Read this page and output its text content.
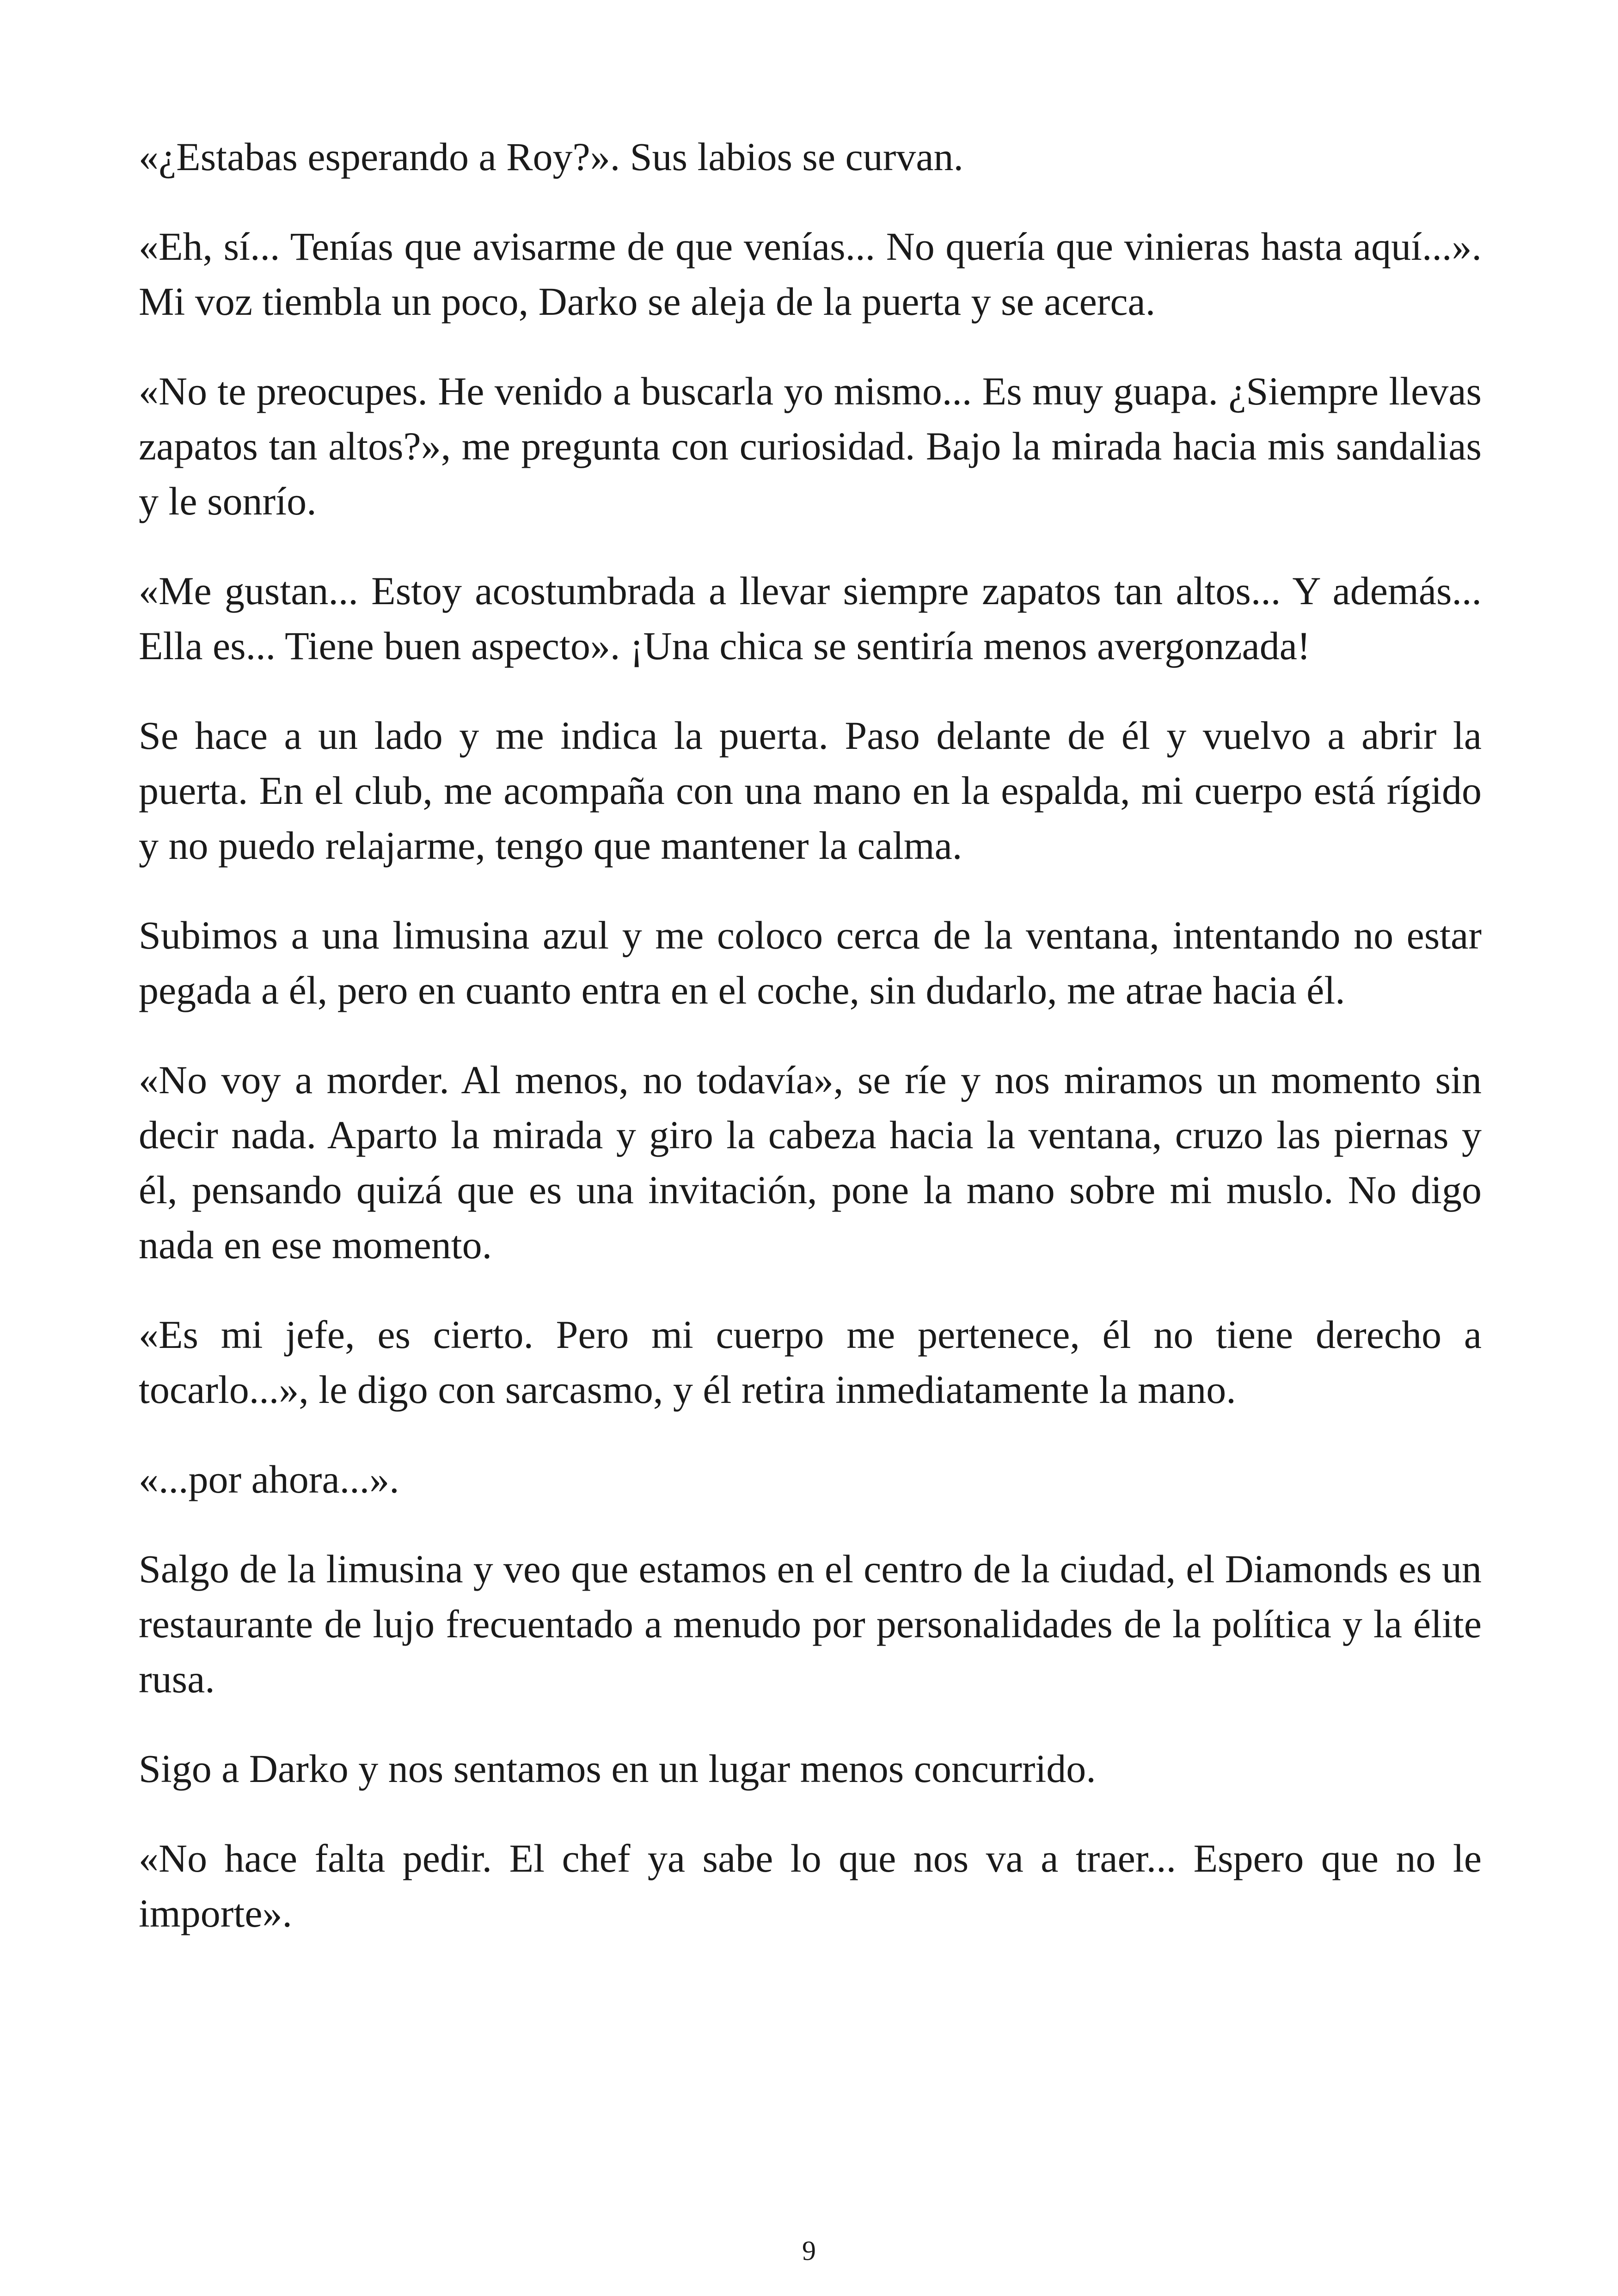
«¿Estabas esperando a Roy?». Sus labios se curvan.

«Eh, sí... Tenías que avisarme de que venías... No quería que vinieras hasta aquí...». Mi voz tiembla un poco, Darko se aleja de la puerta y se acerca.

«No te preocupes. He venido a buscarla yo mismo... Es muy guapa. ¿Siempre llevas zapatos tan altos?», me pregunta con curiosidad. Bajo la mirada hacia mis sandalias y le sonrío.

«Me gustan... Estoy acostumbrada a llevar siempre zapatos tan altos... Y además... Ella es... Tiene buen aspecto». ¡Una chica se sentiría menos avergonzada!

Se hace a un lado y me indica la puerta. Paso delante de él y vuelvo a abrir la puerta. En el club, me acompaña con una mano en la espalda, mi cuerpo está rígido y no puedo relajarme, tengo que mantener la calma.

Subimos a una limusina azul y me coloco cerca de la ventana, intentando no estar pegada a él, pero en cuanto entra en el coche, sin dudarlo, me atrae hacia él.

«No voy a morder. Al menos, no todavía», se ríe y nos miramos un momento sin decir nada. Aparto la mirada y giro la cabeza hacia la ventana, cruzo las piernas y él, pensando quizá que es una invitación, pone la mano sobre mi muslo. No digo nada en ese momento.

«Es mi jefe, es cierto. Pero mi cuerpo me pertenece, él no tiene derecho a tocarlo...», le digo con sarcasmo, y él retira inmediatamente la mano.

«...por ahora...».

Salgo de la limusina y veo que estamos en el centro de la ciudad, el Diamonds es un restaurante de lujo frecuentado a menudo por personalidades de la política y la élite rusa.

Sigo a Darko y nos sentamos en un lugar menos concurrido.

«No hace falta pedir. El chef ya sabe lo que nos va a traer... Espero que no le importe».

9
